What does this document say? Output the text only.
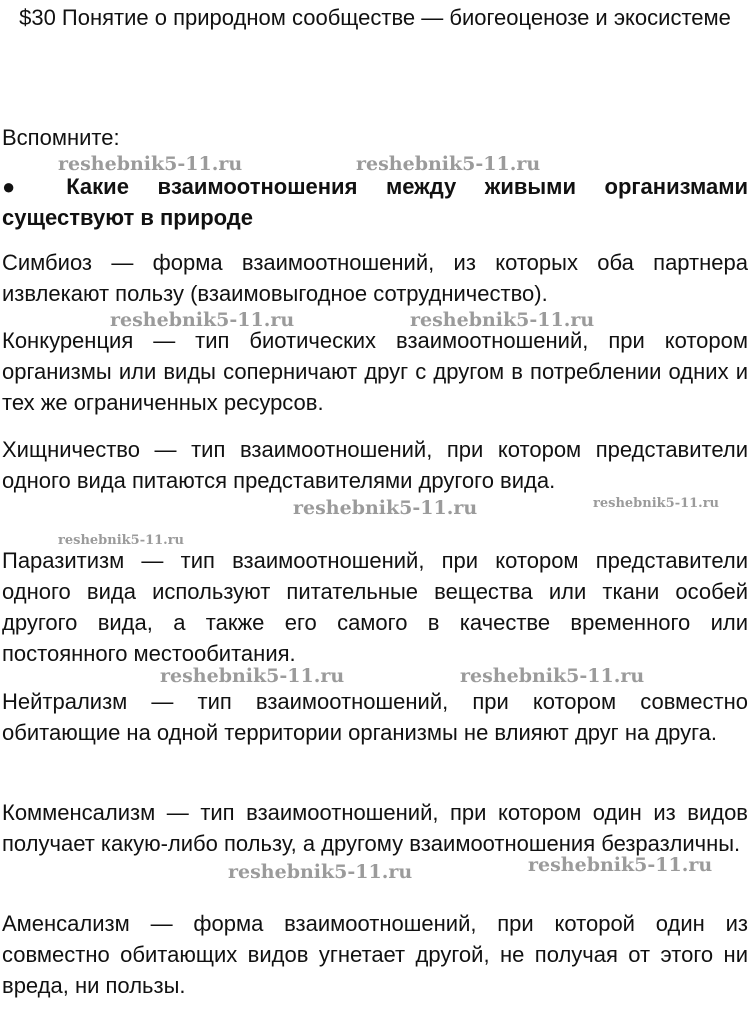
$30 Понятие о природном сообществе — биогеоценозе и экосистеме

Вспомните:

● Какие взаимоотношения между живыми организмами существуют в природе

Симбиоз — форма взаимоотношений, из которых оба партнера извлекают пользу (взаимовыгодное сотрудничество).

Конкуренция — тип биотических взаимоотношений, при котором организмы или виды соперничают друг с другом в потреблении одних и тех же ограниченных ресурсов.

Хищничество — тип взаимоотношений, при котором представители одного вида питаются представителями другого вида.

Паразитизм — тип взаимоотношений, при котором представители одного вида используют питательные вещества или ткани особей другого вида, а также его самого в качестве временного или постоянного местообитания.

Нейтрализм — тип взаимоотношений, при котором совместно обитающие на одной территории организмы не влияют друг на друга.

Комменсализм — тип взаимоотношений, при котором один из видов получает какую-либо пользу, а другому взаимоотношения безразличны.

Аменсализм — форма взаимоотношений, при которой один из совместно обитающих видов угнетает другой, не получая от этого ни вреда, ни пользы.

reshebnik5-11.ru	reshebnik5-11.ru
reshebnik5-11.ru	reshebnik5-11.ru
reshebnik5-11.ru	reshebnik5-11.ru
reshebnik5-11.ru
reshebnik5-11.ru	reshebnik5-11.ru
reshebnik5-11.ru	reshebnik5-11.ru
